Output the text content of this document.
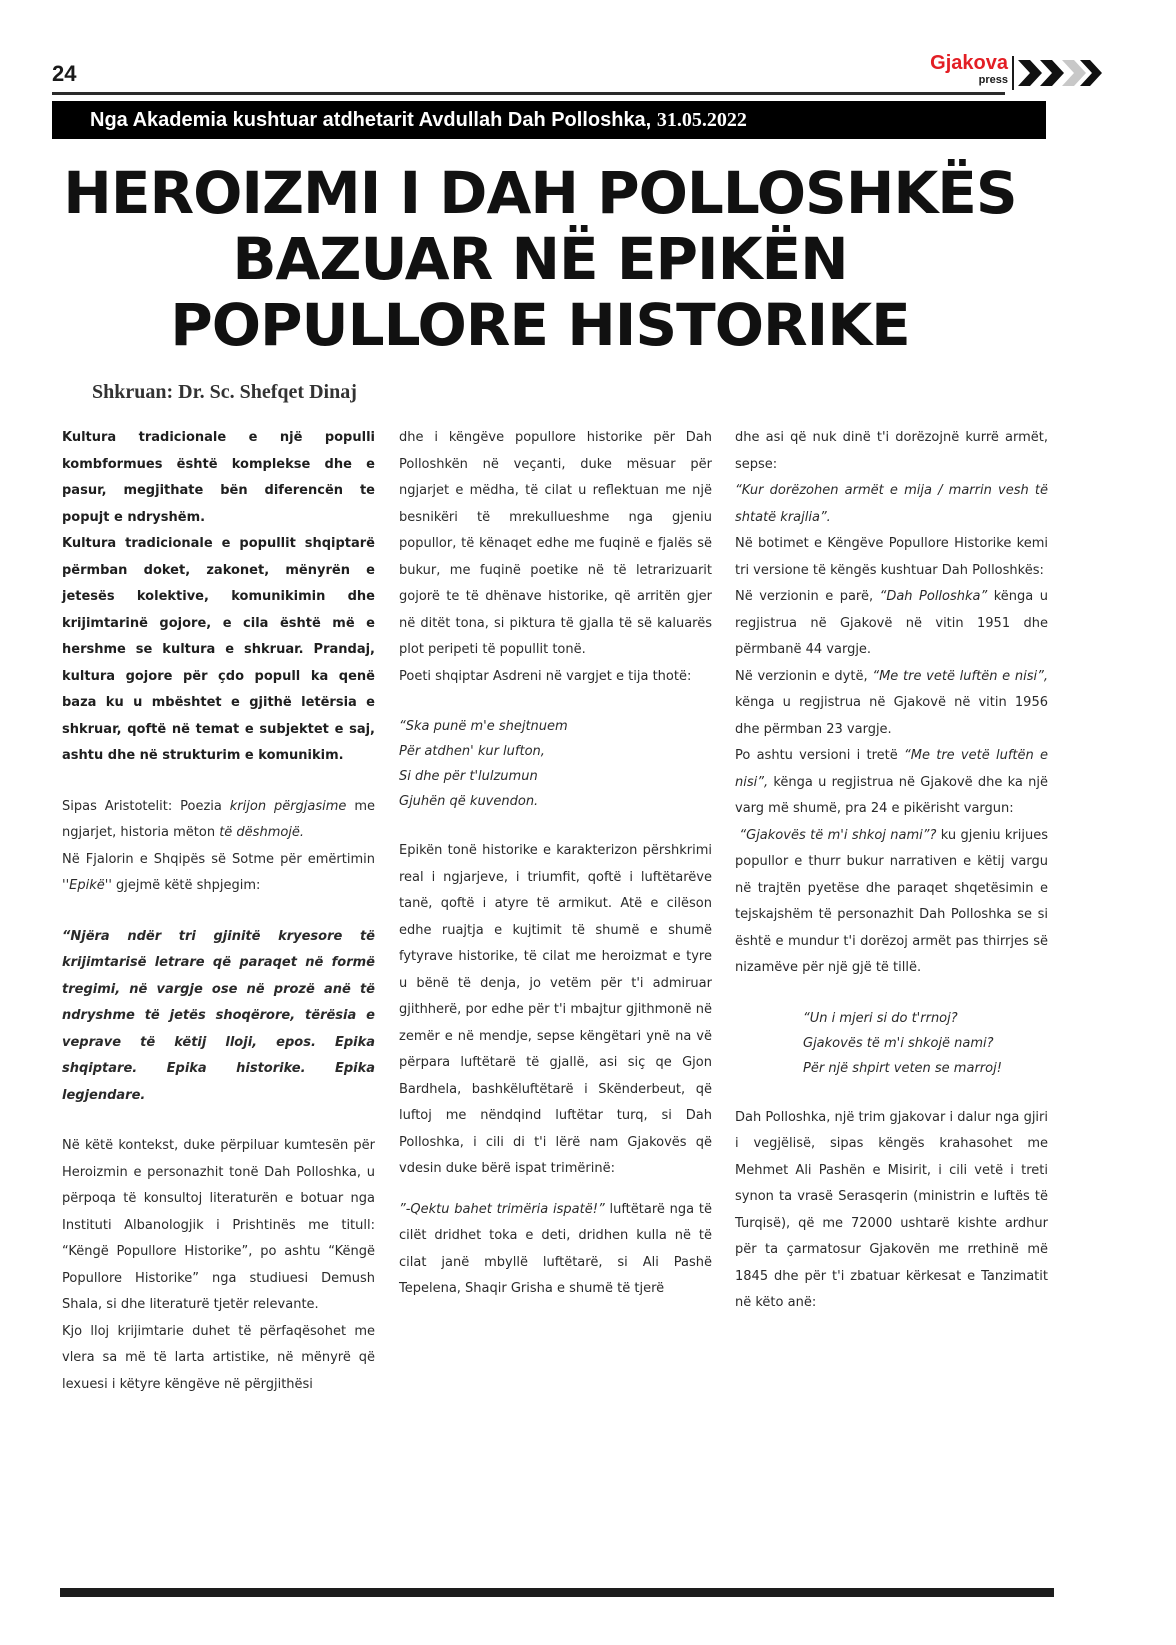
24	Gjakova
press
Nga Akademia kushtuar atdhetarit Avdullah Dah Polloshka, 31.05.2022
HEROIZMI I DAH POLLOSHKËS
BAZUAR NË EPIKËN
POPULLORE HISTORIKE
Shkruan: Dr. Sc. Shefqet Dinaj

Kultura tradicionale e një populli kombformues është komplekse dhe e pasur, megjithate bën diferencën te popujt e ndryshëm.

Kultura tradicionale e popullit shqiptarë përmban doket, zakonet, mënyrën e jetesës kolektive, komunikimin dhe krijimtarinë gojore, e cila është më e hershme se kultura e shkruar. Prandaj, kultura gojore për çdo popull ka qenë baza ku u mbështet e gjithë letërsia e shkruar, qoftë në temat e subjektet e saj, ashtu dhe në strukturim e komunikim.

Sipas Aristotelit: Poezia krijon përgjasime me ngjarjet, historia mëton të dëshmojë.

Në Fjalorin e Shqipës së Sotme për emërtimin ''Epikë'' gjejmë këtë shpjegim:

“Njëra ndër tri gjinitë kryesore të krijimtarisë letrare që paraqet në formë tregimi, në vargje ose në prozë anë të ndryshme të jetës shoqërore, tërësia e veprave të këtij lloji, epos. Epika shqiptare. Epika historike. Epika legjendare.

Në këtë kontekst, duke përpiluar kumtesën për Heroizmin e personazhit tonë Dah Polloshka, u përpoqa të konsultoj literaturën e botuar nga Instituti Albanologjik i Prishtinës me titull: “Këngë Popullore Historike”, po ashtu “Këngë Popullore Historike” nga studiuesi Demush Shala, si dhe literaturë tjetër relevante.

Kjo lloj krijimtarie duhet të përfaqësohet me vlera sa më të larta artistike, në mënyrë që lexuesi i këtyre këngëve në përgjithësi

dhe i këngëve popullore historike për Dah Polloshkën në veçanti, duke mësuar për ngjarjet e mëdha, të cilat u reflektuan me një besnikëri të mrekullueshme nga gjeniu popullor, të kënaqet edhe me fuqinë e fjalës së bukur, me fuqinë poetike në të letrarizuarit gojorë te të dhënave historike, që arritën gjer në ditët tona, si piktura të gjalla të së kaluarës plot peripeti të popullit tonë.

Poeti shqiptar Asdreni në vargjet e tija thotë:

“Ska punë m'e shejtnuem
Për atdhen' kur lufton,
Si dhe për t'lulzumun
Gjuhën që kuvendon.

Epikën tonë historike e karakterizon përshkrimi real i ngjarjeve, i triumfit, qoftë i luftëtarëve tanë, qoftë i atyre të armikut. Atë e cilëson edhe ruajtja e kujtimit të shumë e shumë fytyrave historike, të cilat me heroizmat e tyre u bënë të denja, jo vetëm për t'i admiruar gjithherë, por edhe për t'i mbajtur gjithmonë në zemër e në mendje, sepse këngëtari ynë na vë përpara luftëtarë të gjallë, asi siç qe Gjon Bardhela, bashkëluftëtarë i Skënderbeut, që luftoj me nëndqind luftëtar turq, si Dah Polloshka, i cili di t'i lërë nam Gjakovës që vdesin duke bërë ispat trimërinë:

”-Qektu bahet trimëria ispatë!” luftëtarë nga të cilët dridhet toka e deti, dridhen kulla në të cilat janë mbyllë luftëtarë, si Ali Pashë Tepelena, Shaqir Grisha e shumë të tjerë

dhe asi që nuk dinë t'i dorëzojnë kurrë armët, sepse:

“Kur dorëzohen armët e mija / marrin vesh të shtatë krajlia”.

Në botimet e Këngëve Popullore Historike kemi tri versione të këngës kushtuar Dah Polloshkës:

Në verzionin e parë, “Dah Polloshka” kënga u regjistrua në Gjakovë në vitin 1951 dhe përmbanë 44 vargje.

Në verzionin e dytë, “Me tre vetë luftën e nisi”, kënga u regjistrua në Gjakovë në vitin 1956 dhe përmban 23 vargje.

Po ashtu versioni i tretë “Me tre vetë luftën e nisi”, kënga u regjistrua në Gjakovë dhe ka një varg më shumë, pra 24 e pikërisht vargun:

“Gjakovës të m'i shkoj nami”? ku gjeniu krijues popullor e thurr bukur narrativen e këtij vargu në trajtën pyetëse dhe paraqet shqetësimin e tejskajshëm të personazhit Dah Polloshka se si është e mundur t'i dorëzoj armët pas thirrjes së nizamëve për një gjë të tillë.

“Un i mjeri si do t'rrnoj?
Gjakovës të m'i shkojë nami?
Për një shpirt veten se marroj!

Dah Polloshka, një trim gjakovar i dalur nga gjiri i vegjëlisë, sipas këngës krahasohet me Mehmet Ali Pashën e Misirit, i cili vetë i treti synon ta vrasë Serasqerin (ministrin e luftës të Turqisë), që me 72000 ushtarë kishte ardhur për ta çarmatosur Gjakovën me rrethinë më 1845 dhe për t'i zbatuar kërkesat e Tanzimatit në këto anë:
